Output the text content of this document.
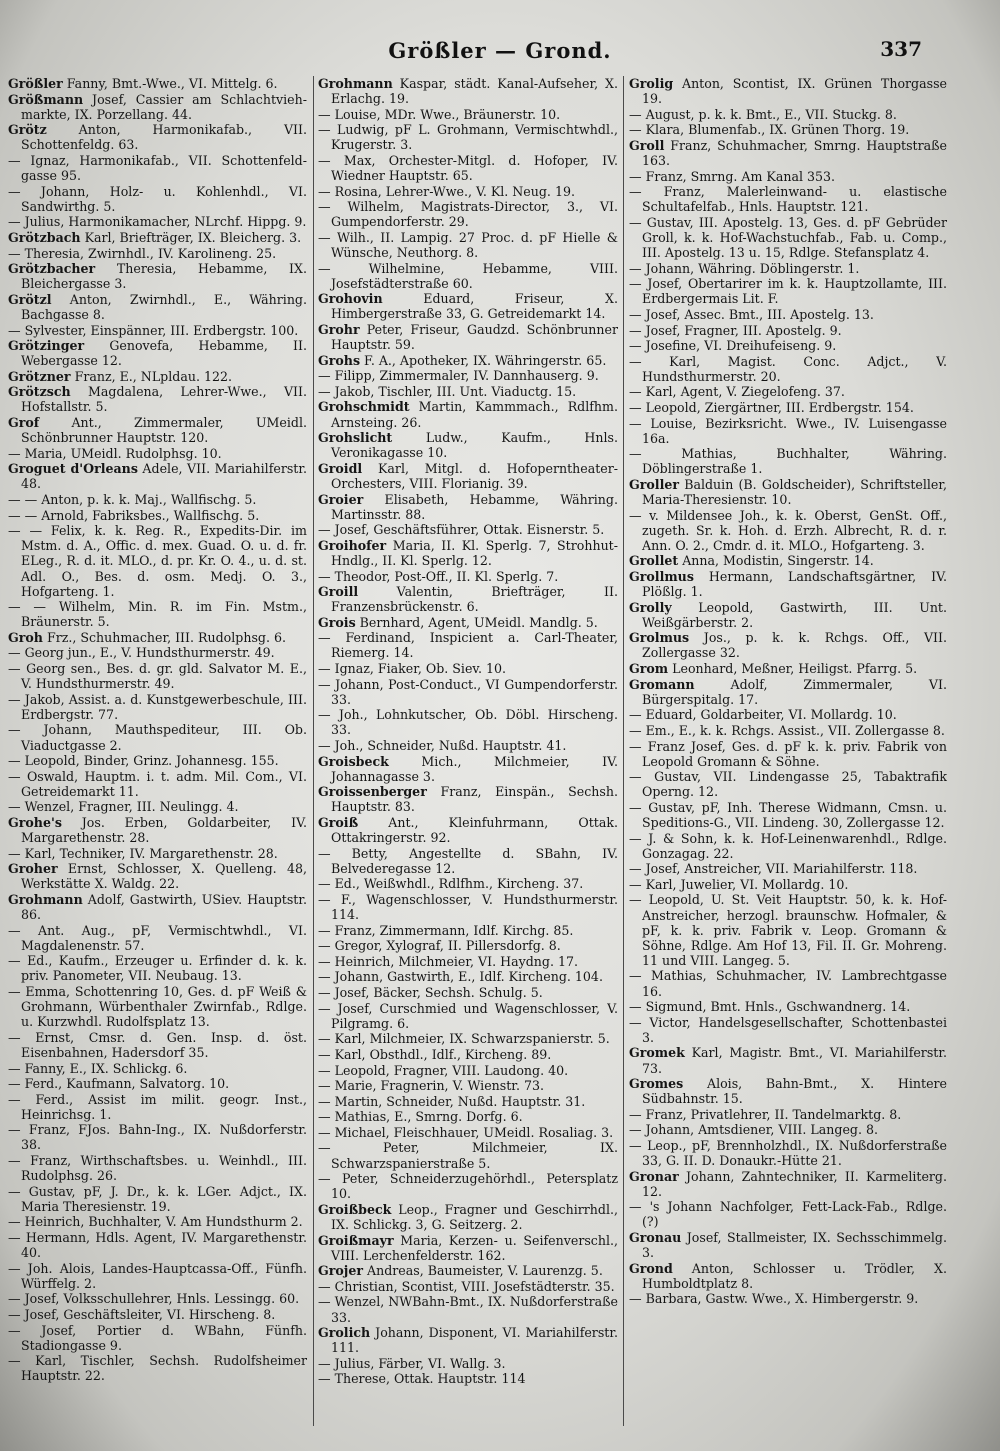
Größler — Grond.	337
Größler Fanny, Bmt.-Wwe., VI. Mittelg. 6.
Größmann Josef, Cassier am Schlachtvieh-markte, IX. Porzellang. 44.
Grötz Anton, Harmonikafab., VII. Schottenfeldg. 63.
— Ignaz, Harmonikafab., VII. Schottenfeld-gasse 95.
— Johann, Holz- u. Kohlenhdl., VI. Sandwirthg. 5.
— Julius, Harmonikamacher, NLrchf. Hippg. 9.
Grötzbach Karl, Briefträger, IX. Bleicherg. 3.
— Theresia, Zwirnhdl., IV. Karolineng. 25.
Grötzbacher Theresia, Hebamme, IX. Bleichergasse 3.
Grötzl Anton, Zwirnhdl., E., Währing. Bachgasse 8.
— Sylvester, Einspänner, III. Erdbergstr. 100.
Grötzinger Genovefa, Hebamme, II. Webergasse 12.
Grötzner Franz, E., NLpldau. 122.
Grötzsch Magdalena, Lehrer-Wwe., VII. Hofstallstr. 5.
Grof Ant., Zimmermaler, UMeidl. Schönbrunner Hauptstr. 120.
— Maria, UMeidl. Rudolphsg. 10.
Groguet d'Orleans Adele, VII. Mariahilferstr. 48.
— — Anton, p. k. k. Maj., Wallfischg. 5.
— — Arnold, Fabriksbes., Wallfischg. 5.
— — Felix, k. k. Reg. R., Expedits-Dir. im Mstm. d. A., Offic. d. mex. Guad. O. u. d. fr. ELeg., R. d. it. MLO., d. pr. Kr. O. 4., u. d. st. Adl. O., Bes. d. osm. Medj. O. 3., Hofgarteng. 1.
— — Wilhelm, Min. R. im Fin. Mstm., Bräunerstr. 5.
Groh Frz., Schuhmacher, III. Rudolphsg. 6.
— Georg jun., E., V. Hundsthurmerstr. 49.
— Georg sen., Bes. d. gr. gld. Salvator M. E., V. Hundsthurmerstr. 49.
— Jakob, Assist. a. d. Kunstgewerbeschule, III. Erdbergstr. 77.
— Johann, Mauthspediteur, III. Ob. Viaductgasse 2.
— Leopold, Binder, Grinz. Johannesg. 155.
— Oswald, Hauptm. i. t. adm. Mil. Com., VI. Getreidemarkt 11.
— Wenzel, Fragner, III. Neulingg. 4.
Grohe's Jos. Erben, Goldarbeiter, IV. Margarethenstr. 28.
— Karl, Techniker, IV. Margarethenstr. 28.
Groher Ernst, Schlosser, X. Quelleng. 48, Werkstätte X. Waldg. 22.
Grohmann Adolf, Gastwirth, USiev. Hauptstr. 86.
— Ant. Aug., pF, Vermischtwhdl., VI. Magdalenenstr. 57.
— Ed., Kaufm., Erzeuger u. Erfinder d. k. k. priv. Panometer, VII. Neubaug. 13.
— Emma, Schottenring 10, Ges. d. pF Weiß & Grohmann, Würbenthaler Zwirnfab., Rdlge. u. Kurzwhdl. Rudolfsplatz 13.
— Ernst, Cmsr. d. Gen. Insp. d. öst. Eisenbahnen, Hadersdorf 35.
— Fanny, E., IX. Schlickg. 6.
— Ferd., Kaufmann, Salvatorg. 10.
— Ferd., Assist im milit. geogr. Inst., Heinrichsg. 1.
— Franz, FJos. Bahn-Ing., IX. Nußdorferstr. 38.
— Franz, Wirthschaftsbes. u. Weinhdl., III. Rudolphsg. 26.
— Gustav, pF, J. Dr., k. k. LGer. Adjct., IX. Maria Theresienstr. 19.
— Heinrich, Buchhalter, V. Am Hundsthurm 2.
— Hermann, Hdls. Agent, IV. Margarethenstr. 40.
— Joh. Alois, Landes-Hauptcassa-Off., Fünfh. Würffelg. 2.
— Josef, Volksschullehrer, Hnls. Lessingg. 60.
— Josef, Geschäftsleiter, VI. Hirscheng. 8.
— Josef, Portier d. WBahn, Fünfh. Stadiongasse 9.
— Karl, Tischler, Sechsh. Rudolfsheimer Hauptstr. 22.
Grohmann Kaspar, städt. Kanal-Aufseher, X. Erlachg. 19.
— Louise, MDr. Wwe., Bräunerstr. 10.
— Ludwig, pF L. Grohmann, Vermischtwhdl., Krugerstr. 3.
— Max, Orchester-Mitgl. d. Hofoper, IV. Wiedner Hauptstr. 65.
— Rosina, Lehrer-Wwe., V. Kl. Neug. 19.
— Wilhelm, Magistrats-Director, 3., VI. Gumpendorferstr. 29.
— Wilh., II. Lampig. 27 Proc. d. pF Hielle & Wünsche, Neuthorg. 8.
— Wilhelmine, Hebamme, VIII. Josefstädterstraße 60.
Grohovin Eduard, Friseur, X. Himbergerstraße 33, G. Getreidemarkt 14.
Grohr Peter, Friseur, Gaudzd. Schönbrunner Hauptstr. 59.
Grohs F. A., Apotheker, IX. Währingerstr. 65.
— Filipp, Zimmermaler, IV. Dannhauserg. 9.
— Jakob, Tischler, III. Unt. Viaductg. 15.
Grohschmidt Martin, Kammmach., Rdlfhm. Arnsteing. 26.
Grohslicht Ludw., Kaufm., Hnls. Veronikagasse 10.
Groidl Karl, Mitgl. d. Hofoperntheater-Orchesters, VIII. Florianig. 39.
Groier Elisabeth, Hebamme, Währing. Martinsstr. 88.
— Josef, Geschäftsführer, Ottak. Eisnerstr. 5.
Groihofer Maria, II. Kl. Sperlg. 7, Strohhut-Hndlg., II. Kl. Sperlg. 12.
— Theodor, Post-Off., II. Kl. Sperlg. 7.
Groill Valentin, Briefträger, II. Franzensbrückenstr. 6.
Grois Bernhard, Agent, UMeidl. Mandlg. 5.
— Ferdinand, Inspicient a. Carl-Theater, Riemerg. 14.
— Ignaz, Fiaker, Ob. Siev. 10.
— Johann, Post-Conduct., VI Gumpendorferstr. 33.
— Joh., Lohnkutscher, Ob. Döbl. Hirscheng. 33.
— Joh., Schneider, Nußd. Hauptstr. 41.
Groisbeck Mich., Milchmeier, IV. Johannagasse 3.
Groissenberger Franz, Einspän., Sechsh. Hauptstr. 83.
Groiß Ant., Kleinfuhrmann, Ottak. Ottakringerstr. 92.
— Betty, Angestellte d. SBahn, IV. Belvederegasse 12.
— Ed., Weißwhdl., Rdlfhm., Kircheng. 37.
— F., Wagenschlosser, V. Hundsthurmerstr. 114.
— Franz, Zimmermann, Idlf. Kirchg. 85.
— Gregor, Xylograf, II. Pillersdorfg. 8.
— Heinrich, Milchmeier, VI. Haydng. 17.
— Johann, Gastwirth, E., Idlf. Kircheng. 104.
— Josef, Bäcker, Sechsh. Schulg. 5.
— Josef, Curschmied und Wagenschlosser, V. Pilgramg. 6.
— Karl, Milchmeier, IX. Schwarzspanierstr. 5.
— Karl, Obsthdl., Idlf., Kircheng. 89.
— Leopold, Fragner, VIII. Laudong. 40.
— Marie, Fragnerin, V. Wienstr. 73.
— Martin, Schneider, Nußd. Hauptstr. 31.
— Mathias, E., Smrng. Dorfg. 6.
— Michael, Fleischhauer, UMeidl. Rosaliag. 3.
— Peter, Milchmeier, IX. Schwarzspanierstraße 5.
— Peter, Schneiderzugehörhdl., Petersplatz 10.
Groißbeck Leop., Fragner und Geschirrhdl., IX. Schlickg. 3, G. Seitzerg. 2.
Groißmayr Maria, Kerzen- u. Seifenverschl., VIII. Lerchenfelderstr. 162.
Grojer Andreas, Baumeister, V. Laurenzg. 5.
— Christian, Scontist, VIII. Josefstädterstr. 35.
— Wenzel, NWBahn-Bmt., IX. Nußdorferstraße 33.
Grolich Johann, Disponent, VI. Mariahilferstr. 111.
— Julius, Färber, VI. Wallg. 3.
— Therese, Ottak. Hauptstr. 114
Grolig Anton, Scontist, IX. Grünen Thorgasse 19.
— August, p. k. k. Bmt., E., VII. Stuckg. 8.
— Klara, Blumenfab., IX. Grünen Thorg. 19.
Groll Franz, Schuhmacher, Smrng. Hauptstraße 163.
— Franz, Smrng. Am Kanal 353.
— Franz, Malerleinwand- u. elastische Schultafelfab., Hnls. Hauptstr. 121.
— Gustav, III. Apostelg. 13, Ges. d. pF Gebrüder Groll, k. k. Hof-Wachstuchfab., Fab. u. Comp., III. Apostelg. 13 u. 15, Rdlge. Stefansplatz 4.
— Johann, Währing. Döblingerstr. 1.
— Josef, Obertarirer im k. k. Hauptzollamte, III. Erdbergermais Lit. F.
— Josef, Assec. Bmt., III. Apostelg. 13.
— Josef, Fragner, III. Apostelg. 9.
— Josefine, VI. Dreihufeiseng. 9.
— Karl, Magist. Conc. Adjct., V. Hundsthurmerstr. 20.
— Karl, Agent, V. Ziegelofeng. 37.
— Leopold, Ziergärtner, III. Erdbergstr. 154.
— Louise, Bezirksricht. Wwe., IV. Luisengasse 16a.
— Mathias, Buchhalter, Währing. Döblingerstraße 1.
Groller Balduin (B. Goldscheider), Schriftsteller, Maria-Theresienstr. 10.
— v. Mildensee Joh., k. k. Oberst, GenSt. Off., zugeth. Sr. k. Hoh. d. Erzh. Albrecht, R. d. r. Ann. O. 2., Cmdr. d. it. MLO., Hofgarteng. 3.
Grollet Anna, Modistin, Singerstr. 14.
Grollmus Hermann, Landschaftsgärtner, IV. Plößlg. 1.
Grolly Leopold, Gastwirth, III. Unt. Weißgärberstr. 2.
Grolmus Jos., p. k. k. Rchgs. Off., VII. Zollergasse 32.
Grom Leonhard, Meßner, Heiligst. Pfarrg. 5.
Gromann Adolf, Zimmermaler, VI. Bürgerspitalg. 17.
— Eduard, Goldarbeiter, VI. Mollardg. 10.
— Em., E., k. k. Rchgs. Assist., VII. Zollergasse 8.
— Franz Josef, Ges. d. pF k. k. priv. Fabrik von Leopold Gromann & Söhne.
— Gustav, VII. Lindengasse 25, Tabaktrafik Operng. 12.
— Gustav, pF, Inh. Therese Widmann, Cmsn. u. Speditions-G., VII. Lindeng. 30, Zollergasse 12.
— J. & Sohn, k. k. Hof-Leinenwarenhdl., Rdlge. Gonzagag. 22.
— Josef, Anstreicher, VII. Mariahilferstr. 118.
— Karl, Juwelier, VI. Mollardg. 10.
— Leopold, U. St. Veit Hauptstr. 50, k. k. Hof-Anstreicher, herzogl. braunschw. Hofmaler, & pF, k. k. priv. Fabrik v. Leop. Gromann & Söhne, Rdlge. Am Hof 13, Fil. II. Gr. Mohreng. 11 und VIII. Langeg. 5.
— Mathias, Schuhmacher, IV. Lambrechtgasse 16.
— Sigmund, Bmt. Hnls., Gschwandnerg. 14.
— Victor, Handelsgesellschafter, Schottenbastei 3.
Gromek Karl, Magistr. Bmt., VI. Mariahilferstr. 73.
Gromes Alois, Bahn-Bmt., X. Hintere Südbahnstr. 15.
— Franz, Privatlehrer, II. Tandelmarktg. 8.
— Johann, Amtsdiener, VIII. Langeg. 8.
— Leop., pF, Brennholzhdl., IX. Nußdorferstraße 33, G. II. D. Donaukr.-Hütte 21.
Gronar Johann, Zahntechniker, II. Karmeliterg. 12.
— 's Johann Nachfolger, Fett-Lack-Fab., Rdlge. (?)
Gronau Josef, Stallmeister, IX. Sechsschimmelg. 3.
Grond Anton, Schlosser u. Trödler, X. Humboldtplatz 8.
— Barbara, Gastw. Wwe., X. Himbergerstr. 9.
